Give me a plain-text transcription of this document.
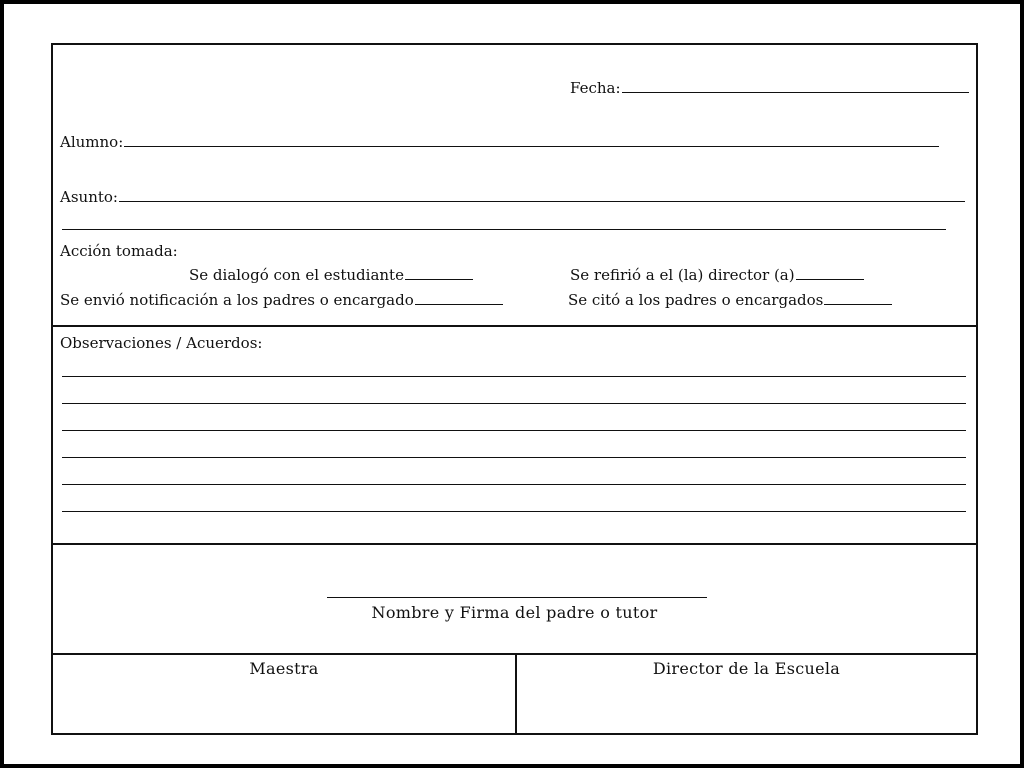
Fecha:
Alumno:
Asunto:
Acción tomada:
Se dialogó con el estudiante	Se refirió a el (la) director (a)
Se envió notificación a los padres o encargado	Se citó a los padres o encargados
Observaciones / Acuerdos:
Nombre y Firma del padre o tutor
Maestra	Director de la Escuela
